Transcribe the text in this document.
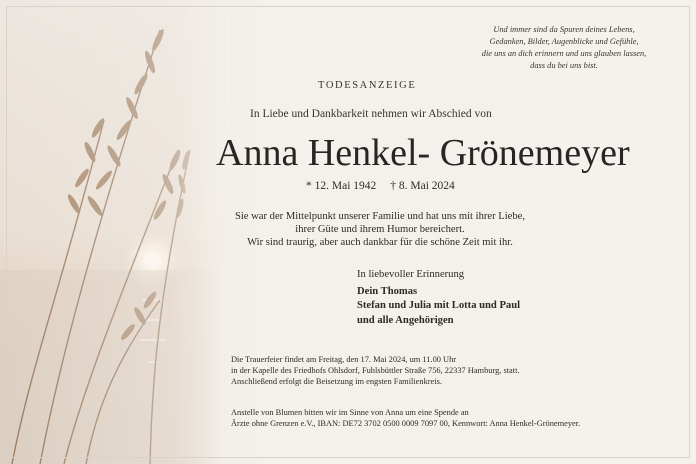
Und immer sind da Spuren deines Lebens,
Gedanken, Bilder, Augenblicke und Gefühle,
die uns an dich erinnern und uns glauben lassen,
dass du bei uns bist.
TODESANZEIGE
In Liebe und Dankbarkeit nehmen wir Abschied von
Anna Henkel- Grönemeyer
* 12. Mai 1942 † 8. Mai 2024
Sie war der Mittelpunkt unserer Familie und hat uns mit ihrer Liebe,
ihrer Güte und ihrem Humor bereichert.
Wir sind traurig, aber auch dankbar für die schöne Zeit mit ihr.
In liebevoller Erinnerung
Dein Thomas
Stefan und Julia mit Lotta und Paul
und alle Angehörigen
Die Trauerfeier findet am Freitag, den 17. Mai 2024, um 11.00 Uhr
in der Kapelle des Friedhofs Ohlsdorf, Fuhlsbüttler Straße 756, 22337 Hamburg, statt.
Anschließend erfolgt die Beisetzung im engsten Familienkreis.
Anstelle von Blumen bitten wir im Sinne von Anna um eine Spende an
Ärzte ohne Grenzen e.V., IBAN: DE72 3702 0500 0009 7097 00, Kennwort: Anna Henkel-Grönemeyer.
